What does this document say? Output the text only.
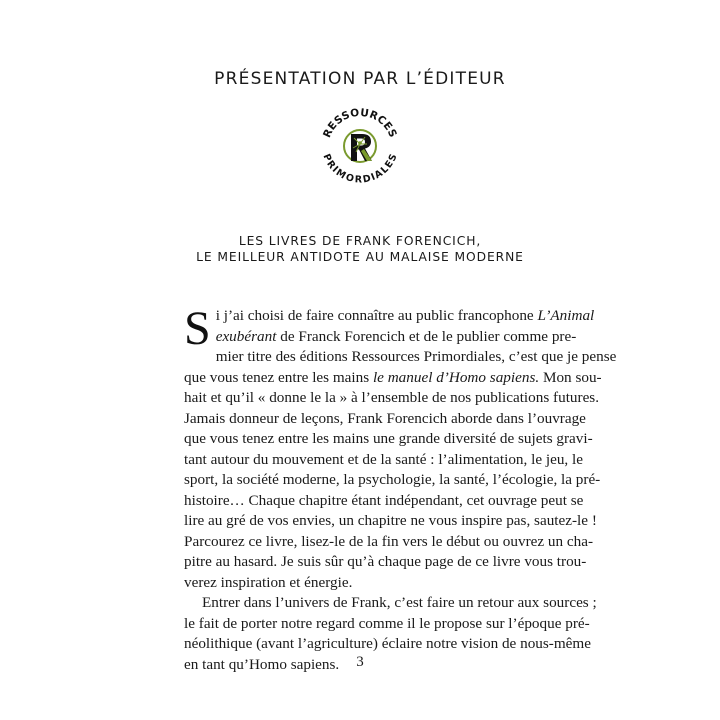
PRÉSENTATION PAR L’ÉDITEUR
RESSOURCES
PRIMORDIALES
LES LIVRES DE FRANK FORENCICH,
LE MEILLEUR ANTIDOTE AU MALAISE MODERNE
S i j’ai choisi de faire connaître au public francophone L’Animal
exubérant de Franck Forencich et de le publier comme pre-
mier titre des éditions Ressources Primordiales, c’est que je pense
que vous tenez entre les mains le manuel d’Homo sapiens. Mon sou-
hait et qu’il « donne le la » à l’ensemble de nos publications futures.
Jamais donneur de leçons, Frank Forencich aborde dans l’ouvrage
que vous tenez entre les mains une grande diversité de sujets gravi-
tant autour du mouvement et de la santé : l’alimentation, le jeu, le
sport, la société moderne, la psychologie, la santé, l’écologie, la pré-
histoire… Chaque chapitre étant indépendant, cet ouvrage peut se
lire au gré de vos envies, un chapitre ne vous inspire pas, sautez-le !
Parcourez ce livre, lisez-le de la fin vers le début ou ouvrez un cha-
pitre au hasard. Je suis sûr qu’à chaque page de ce livre vous trou-
verez inspiration et énergie.
Entrer dans l’univers de Frank, c’est faire un retour aux sources ;
le fait de porter notre regard comme il le propose sur l’époque pré-
néolithique (avant l’agriculture) éclaire notre vision de nous-même
en tant qu’Homo sapiens.	3
